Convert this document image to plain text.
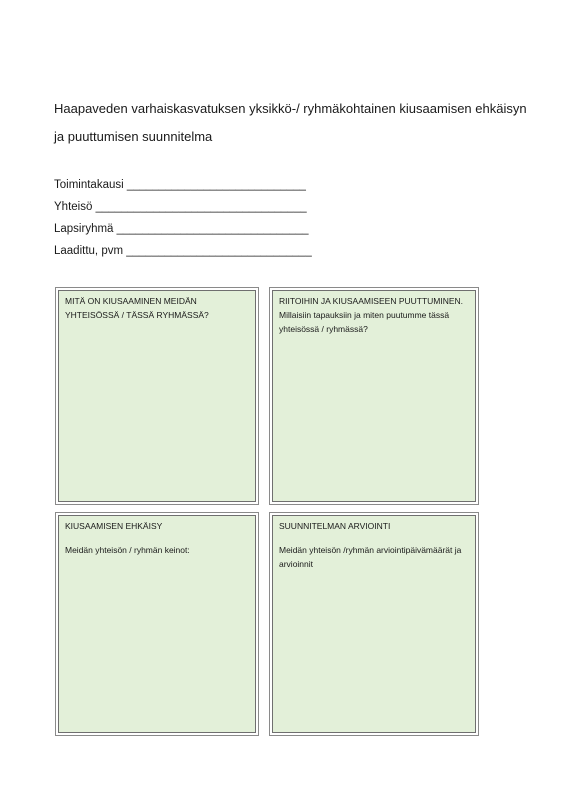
Haapaveden varhaiskasvatuksen yksikkö-/ ryhmäkohtainen kiusaamisen ehkäisyn
ja puuttumisen suunnitelma
Toimintakausi ____________________________
Yhteisö _________________________________
Lapsiryhmä ______________________________
Laadittu, pvm _____________________________

MITÄ ON KIUSAAMINEN MEIDÄN YHTEISÖSSÄ / TÄSSÄ RYHMÄSSÄ?

RIITOIHIN JA KIUSAAMISEEN PUUTTUMINEN.

Millaisiin tapauksiin ja miten puutumme tässä yhteisössä / ryhmässä?

KIUSAAMISEN EHKÄISY

Meidän yhteisön / ryhmän keinot:

SUUNNITELMAN ARVIOINTI

Meidän yhteisön /ryhmän arviointipäivämäärät ja arvioinnit
